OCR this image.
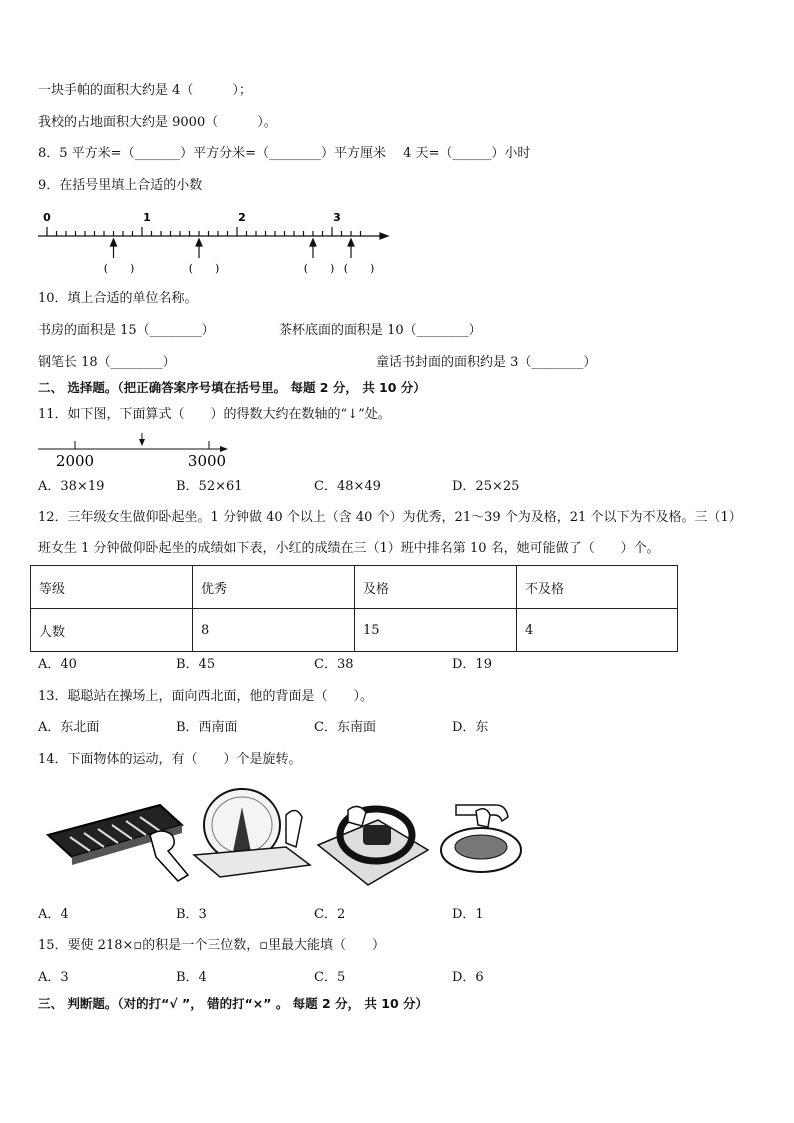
一块手帕的面积大约是 4（　　　）；
我校的占地面积大约是 9000（　　　）。
8．5 平方米=（_______）平方分米=（________）平方厘米　 4 天=（______）小时
9．在括号里填上合适的小数
0	1	2	3
(　　)	(　　)	(　　) (　　)
10．填上合适的单位名称。
书房的面积是 15（________）	茶杯底面的面积是 10（________）
钢笔长 18（________）	童话书封面的面积约是 3（________）
二、 选择题。（把正确答案序号填在括号里。 每题 2 分， 共 10 分）
11．如下图，下面算式（　　）的得数大约在数轴的“↓”处。
2000	3000
A．38×19	B．52×61	C．48×49	D．25×25
12．三年级女生做仰卧起坐。1 分钟做 40 个以上（含 40 个）为优秀，21～39 个为及格，21 个以下为不及格。三（1）
班女生 1 分钟做仰卧起坐的成绩如下表，小红的成绩在三（1）班中排名第 10 名，她可能做了（　　）个。
等级	优秀	及格	不及格
人数	8	15	4
A．40	B．45	C．38	D．19
13．聪聪站在操场上，面向西北面，他的背面是（　　）。
A．东北面	B．西南面	C．东南面	D．东
14．下面物体的运动，有（　　）个是旋转。
A．4	B．3	C．2	D．1
15．要使 218×▫的积是一个三位数，▫里最大能填（　　）
A．3	B．4	C．5	D．6
三、 判断题。（对的打“√ ”， 错的打“×” 。 每题 2 分， 共 10 分）
